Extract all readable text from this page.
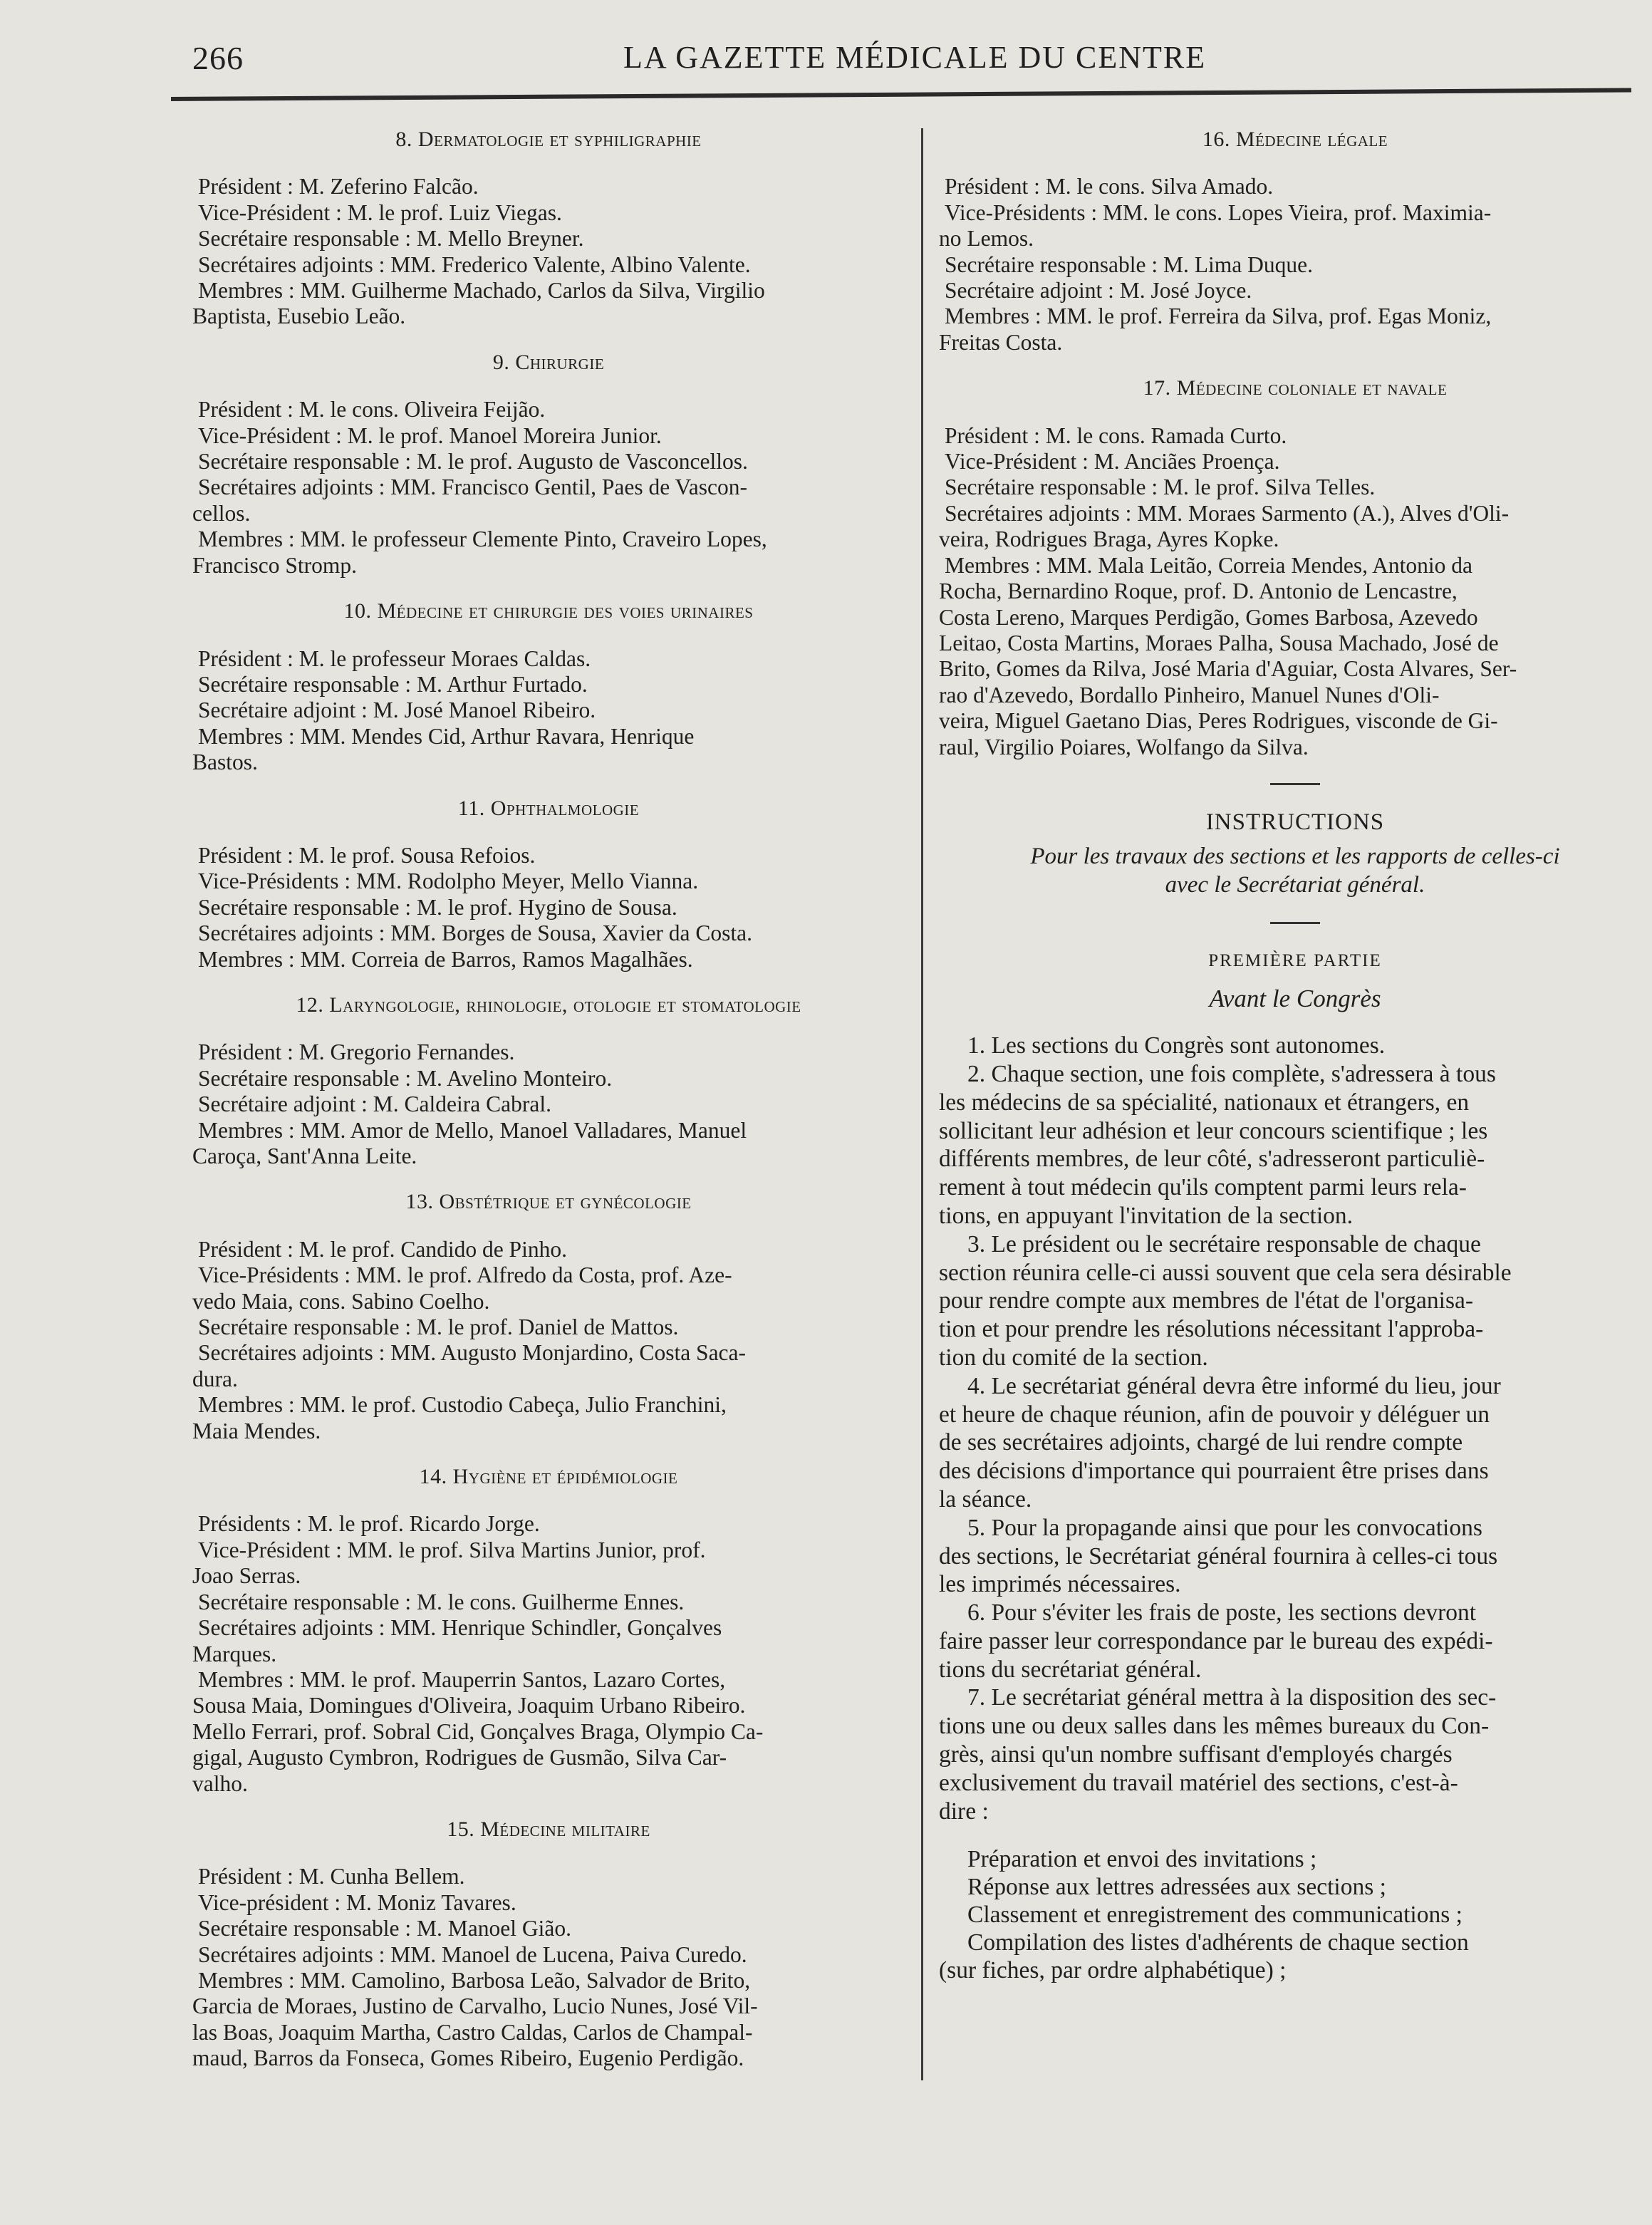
266	LA GAZETTE MÉDICALE DU CENTRE
8. Dermatologie et syphiligraphie

Président : M. Zeferino Falcão.

Vice-Président : M. le prof. Luiz Viegas.

Secrétaire responsable : M. Mello Breyner.

Secrétaires adjoints : MM. Frederico Valente, Albino Valente.

Membres : MM. Guilherme Machado, Carlos da Silva, Virgilio

Baptista, Eusebio Leão.

9. Chirurgie

Président : M. le cons. Oliveira Feijão.

Vice-Président : M. le prof. Manoel Moreira Junior.

Secrétaire responsable : M. le prof. Augusto de Vasconcellos.

Secrétaires adjoints : MM. Francisco Gentil, Paes de Vascon-

cellos.

Membres : MM. le professeur Clemente Pinto, Craveiro Lopes,

Francisco Stromp.

10. Médecine et chirurgie des voies urinaires

Président : M. le professeur Moraes Caldas.

Secrétaire responsable : M. Arthur Furtado.

Secrétaire adjoint : M. José Manoel Ribeiro.

Membres : MM. Mendes Cid, Arthur Ravara, Henrique

Bastos.

11. Ophthalmologie

Président : M. le prof. Sousa Refoios.

Vice-Présidents : MM. Rodolpho Meyer, Mello Vianna.

Secrétaire responsable : M. le prof. Hygino de Sousa.

Secrétaires adjoints : MM. Borges de Sousa, Xavier da Costa.

Membres : MM. Correia de Barros, Ramos Magalhães.

12. Laryngologie, rhinologie, otologie et stomatologie

Président : M. Gregorio Fernandes.

Secrétaire responsable : M. Avelino Monteiro.

Secrétaire adjoint : M. Caldeira Cabral.

Membres : MM. Amor de Mello, Manoel Valladares, Manuel

Caroça, Sant'Anna Leite.

13. Obstétrique et gynécologie

Président : M. le prof. Candido de Pinho.

Vice-Présidents : MM. le prof. Alfredo da Costa, prof. Aze-

vedo Maia, cons. Sabino Coelho.

Secrétaire responsable : M. le prof. Daniel de Mattos.

Secrétaires adjoints : MM. Augusto Monjardino, Costa Saca-

dura.

Membres : MM. le prof. Custodio Cabeça, Julio Franchini,

Maia Mendes.

14. Hygiène et épidémiologie

Présidents : M. le prof. Ricardo Jorge.

Vice-Président : MM. le prof. Silva Martins Junior, prof.

Joao Serras.

Secrétaire responsable : M. le cons. Guilherme Ennes.

Secrétaires adjoints : MM. Henrique Schindler, Gonçalves

Marques.

Membres : MM. le prof. Mauperrin Santos, Lazaro Cortes,

Sousa Maia, Domingues d'Oliveira, Joaquim Urbano Ribeiro.

Mello Ferrari, prof. Sobral Cid, Gonçalves Braga, Olympio Ca-

gigal, Augusto Cymbron, Rodrigues de Gusmão, Silva Car-

valho.

15. Médecine militaire

Président : M. Cunha Bellem.

Vice-président : M. Moniz Tavares.

Secrétaire responsable : M. Manoel Gião.

Secrétaires adjoints : MM. Manoel de Lucena, Paiva Curedo.

Membres : MM. Camolino, Barbosa Leão, Salvador de Brito,

Garcia de Moraes, Justino de Carvalho, Lucio Nunes, José Vil-

las Boas, Joaquim Martha, Castro Caldas, Carlos de Champal-

maud, Barros da Fonseca, Gomes Ribeiro, Eugenio Perdigão.

16. Médecine légale

Président : M. le cons. Silva Amado.

Vice-Présidents : MM. le cons. Lopes Vieira, prof. Maximia-

no Lemos.

Secrétaire responsable : M. Lima Duque.

Secrétaire adjoint : M. José Joyce.

Membres : MM. le prof. Ferreira da Silva, prof. Egas Moniz,

Freitas Costa.

17. Médecine coloniale et navale

Président : M. le cons. Ramada Curto.

Vice-Président : M. Anciães Proença.

Secrétaire responsable : M. le prof. Silva Telles.

Secrétaires adjoints : MM. Moraes Sarmento (A.), Alves d'Oli-

veira, Rodrigues Braga, Ayres Kopke.

Membres : MM. Mala Leitão, Correia Mendes, Antonio da

Rocha, Bernardino Roque, prof. D. Antonio de Lencastre,

Costa Lereno, Marques Perdigão, Gomes Barbosa, Azevedo

Leitao, Costa Martins, Moraes Palha, Sousa Machado, José de

Brito, Gomes da Rilva, José Maria d'Aguiar, Costa Alvares, Ser-

rao d'Azevedo, Bordallo Pinheiro, Manuel Nunes d'Oli-

veira, Miguel Gaetano Dias, Peres Rodrigues, visconde de Gi-

raul, Virgilio Poiares, Wolfango da Silva.

INSTRUCTIONS
Pour les travaux des sections et les rapports de celles-ci
avec le Secrétariat général.
PREMIÈRE PARTIE
Avant le Congrès

1. Les sections du Congrès sont autonomes.

2. Chaque section, une fois complète, s'adressera à tous

les médecins de sa spécialité, nationaux et étrangers, en

sollicitant leur adhésion et leur concours scientifique ; les

différents membres, de leur côté, s'adresseront particuliè-

rement à tout médecin qu'ils comptent parmi leurs rela-

tions, en appuyant l'invitation de la section.

3. Le président ou le secrétaire responsable de chaque

section réunira celle-ci aussi souvent que cela sera désirable

pour rendre compte aux membres de l'état de l'organisa-

tion et pour prendre les résolutions nécessitant l'approba-

tion du comité de la section.

4. Le secrétariat général devra être informé du lieu, jour

et heure de chaque réunion, afin de pouvoir y déléguer un

de ses secrétaires adjoints, chargé de lui rendre compte

des décisions d'importance qui pourraient être prises dans

la séance.

5. Pour la propagande ainsi que pour les convocations

des sections, le Secrétariat général fournira à celles-ci tous

les imprimés nécessaires.

6. Pour s'éviter les frais de poste, les sections devront

faire passer leur correspondance par le bureau des expédi-

tions du secrétariat général.

7. Le secrétariat général mettra à la disposition des sec-

tions une ou deux salles dans les mêmes bureaux du Con-

grès, ainsi qu'un nombre suffisant d'employés chargés

exclusivement du travail matériel des sections, c'est-à-

dire :

Préparation et envoi des invitations ;

Réponse aux lettres adressées aux sections ;

Classement et enregistrement des communications ;

Compilation des listes d'adhérents de chaque section

(sur fiches, par ordre alphabétique) ;
